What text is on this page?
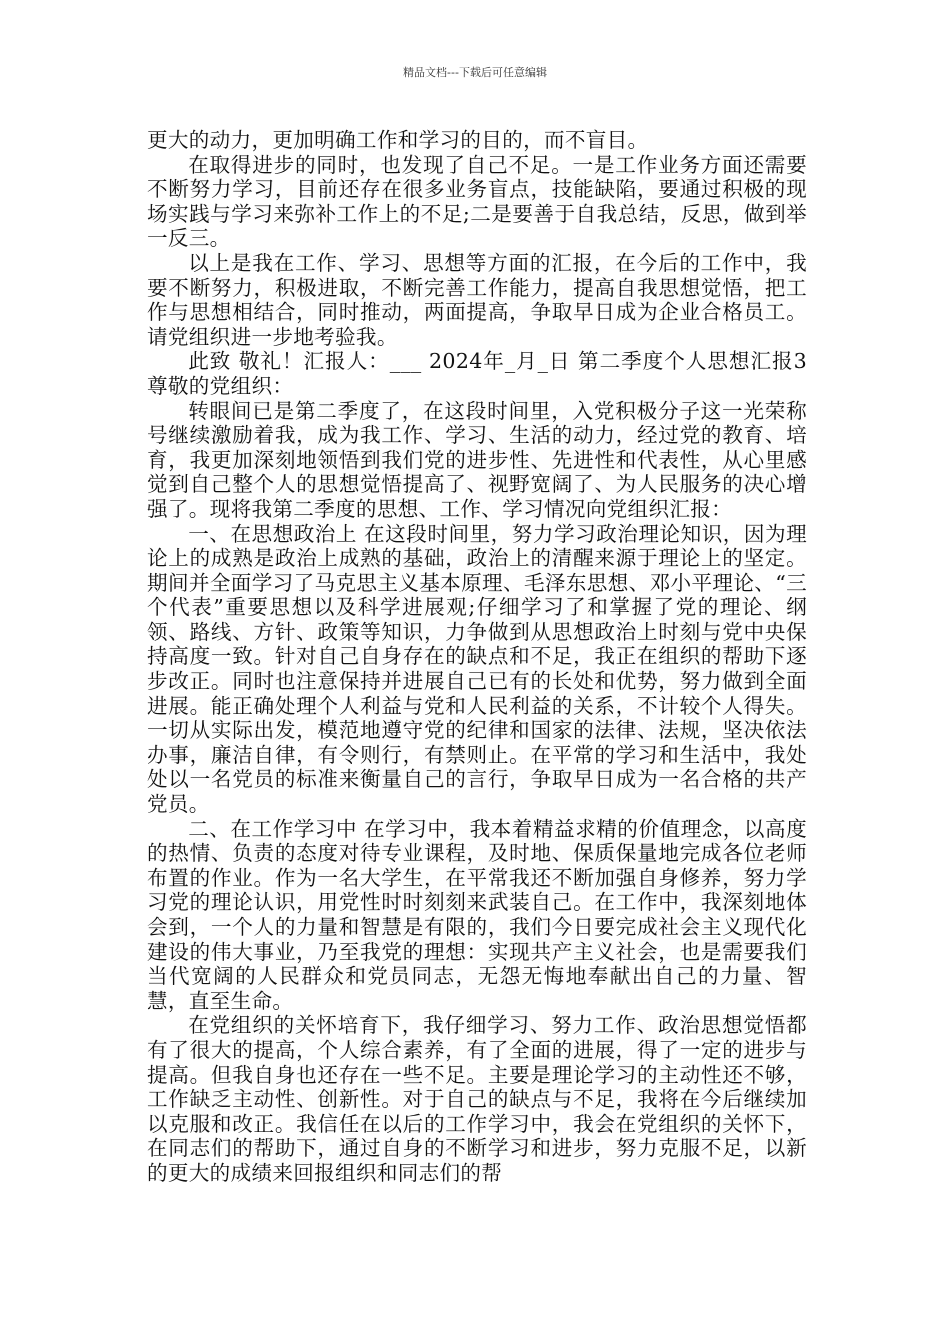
精品文档---下载后可任意编辑

更大的动力，更加明确工作和学习的目的，而不盲目。

在取得进步的同时，也发现了自己不足。一是工作业务方面还需要不断努力学习，目前还存在很多业务盲点，技能缺陷，要通过积极的现场实践与学习来弥补工作上的不足;二是要善于自我总结，反思，做到举一反三。

以上是我在工作、学习、思想等方面的汇报，在今后的工作中，我要不断努力，积极进取，不断完善工作能力，提高自我思想觉悟，把工作与思想相结合，同时推动，两面提高，争取早日成为企业合格员工。请党组织进一步地考验我。

此致 敬礼！汇报人：___ 2024年_月_日 第二季度个人思想汇报3 尊敬的党组织：

转眼间已是第二季度了，在这段时间里，入党积极分子这一光荣称号继续激励着我，成为我工作、学习、生活的动力，经过党的教育、培育，我更加深刻地领悟到我们党的进步性、先进性和代表性，从心里感觉到自己整个人的思想觉悟提高了、视野宽阔了、为人民服务的决心增强了。现将我第二季度的思想、工作、学习情况向党组织汇报：

一、在思想政治上 在这段时间里，努力学习政治理论知识，因为理论上的成熟是政治上成熟的基础，政治上的清醒来源于理论上的坚定。期间并全面学习了马克思主义基本原理、毛泽东思想、邓小平理论、“三个代表”重要思想以及科学进展观;仔细学习了和掌握了党的理论、纲领、路线、方针、政策等知识，力争做到从思想政治上时刻与党中央保持高度一致。针对自己自身存在的缺点和不足，我正在组织的帮助下逐步改正。同时也注意保持并进展自己已有的长处和优势，努力做到全面进展。能正确处理个人利益与党和人民利益的关系，不计较个人得失。一切从实际出发，模范地遵守党的纪律和国家的法律、法规，坚决依法办事，廉洁自律，有令则行，有禁则止。在平常的学习和生活中，我处处以一名党员的标准来衡量自己的言行，争取早日成为一名合格的共产党员。

二、在工作学习中 在学习中，我本着精益求精的价值理念，以高度的热情、负责的态度对待专业课程，及时地、保质保量地完成各位老师布置的作业。作为一名大学生，在平常我还不断加强自身修养，努力学习党的理论认识，用党性时时刻刻来武装自己。在工作中，我深刻地体会到，一个人的力量和智慧是有限的，我们今日要完成社会主义现代化建设的伟大事业，乃至我党的理想：实现共产主义社会，也是需要我们当代宽阔的人民群众和党员同志，无怨无悔地奉献出自己的力量、智慧，直至生命。

在党组织的关怀培育下，我仔细学习、努力工作、政治思想觉悟都有了很大的提高，个人综合素养，有了全面的进展，得了一定的进步与提高。但我自身也还存在一些不足。主要是理论学习的主动性还不够，工作缺乏主动性、创新性。对于自己的缺点与不足，我将在今后继续加以克服和改正。我信任在以后的工作学习中，我会在党组织的关怀下，在同志们的帮助下，通过自身的不断学习和进步，努力克服不足，以新的更大的成绩来回报组织和同志们的帮
